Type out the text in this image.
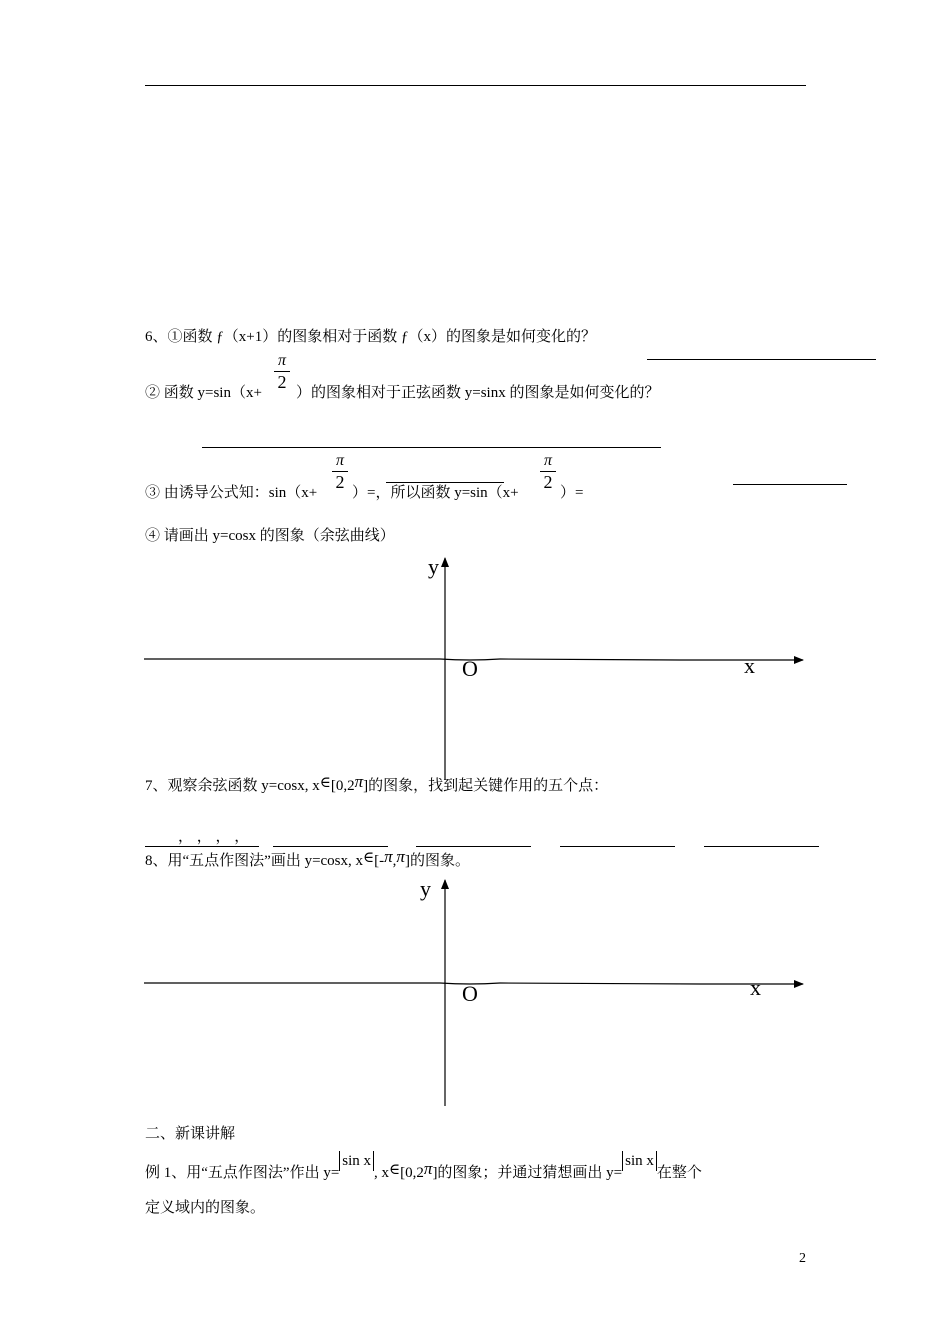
6、①函数 ƒ（x+1）的图象相对于函数 ƒ（x）的图象是如何变化的？
② 函数 y=sin（x+
π
2
）的图象相对于正弦函数 y=sinx 的图象是如何变化的？
③ 由诱导公式知：sin（x+
π
2
）=，所以函数 y=sin（x+
π
2
）=
④ 请画出 y=cosx 的图象（余弦曲线）
y
O	x
7、观察余弦函数 y=cosx, x∈[0,2π]的图象，找到起关键作用的五个点：
， ， ， ，
8、用“五点作图法”画出 y=cosx, x∈[-π,π]的图象。
y
O	x
二、新课讲解
例 1、用“五点作图法”作出 y=sin x, x∈[0,2π]的图象；并通过猜想画出 y=sin x在整个
定义域内的图象。
2
